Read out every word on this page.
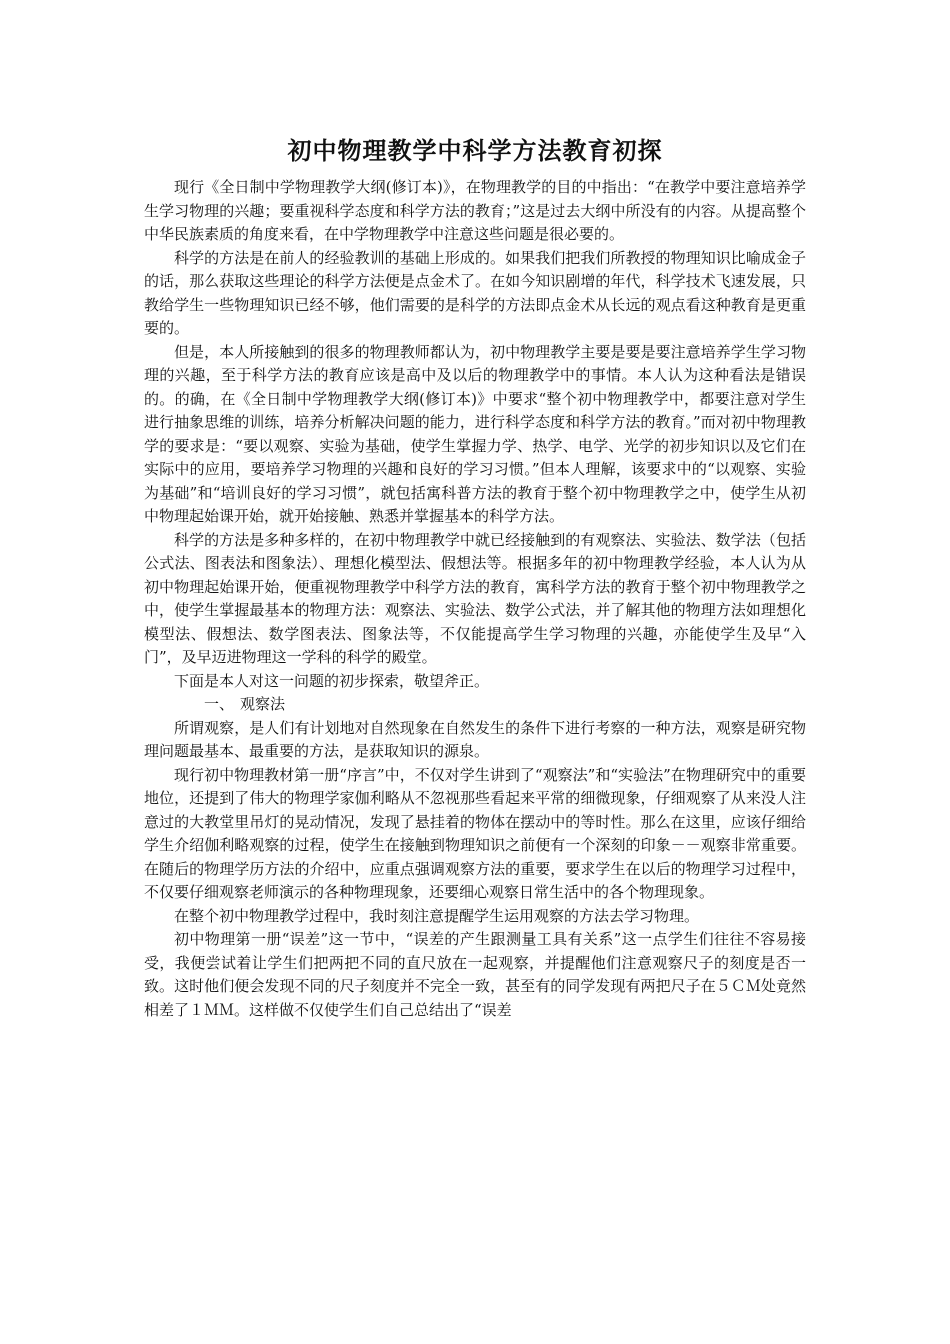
初中物理教学中科学方法教育初探

现行《全日制中学物理教学大纲(修订本)》，在物理教学的目的中指出：“在教学中要注意培养学生学习物理的兴趣；要重视科学态度和科学方法的教育；”这是过去大纲中所没有的内容。从提高整个中华民族素质的角度来看，在中学物理教学中注意这些问题是很必要的。

科学的方法是在前人的经验教训的基础上形成的。如果我们把我们所教授的物理知识比喻成金子的话，那么获取这些理论的科学方法便是点金术了。在如今知识剧增的年代，科学技术飞速发展，只教给学生一些物理知识已经不够，他们需要的是科学的方法即点金术从长远的观点看这种教育是更重要的。

但是，本人所接触到的很多的物理教师都认为，初中物理教学主要是要是要注意培养学生学习物理的兴趣，至于科学方法的教育应该是高中及以后的物理教学中的事情。本人认为这种看法是错误的。的确，在《全日制中学物理教学大纲(修订本)》中要求“整个初中物理教学中，都要注意对学生进行抽象思维的训练，培养分析解决问题的能力，进行科学态度和科学方法的教育。”而对初中物理教学的要求是：“要以观察、实验为基础，使学生掌握力学、热学、电学、光学的初步知识以及它们在实际中的应用，要培养学习物理的兴趣和良好的学习习惯。”但本人理解，该要求中的“以观察、实验为基础”和“培训良好的学习习惯”，就包括寓科普方法的教育于整个初中物理教学之中，使学生从初中物理起始课开始，就开始接触、熟悉并掌握基本的科学方法。

科学的方法是多种多样的，在初中物理教学中就已经接触到的有观察法、实验法、数学法（包括公式法、图表法和图象法）、理想化模型法、假想法等。根据多年的初中物理教学经验，本人认为从初中物理起始课开始，便重视物理教学中科学方法的教育，寓科学方法的教育于整个初中物理教学之中，使学生掌握最基本的物理方法：观察法、实验法、数学公式法，并了解其他的物理方法如理想化模型法、假想法、数学图表法、图象法等，不仅能提高学生学习物理的兴趣，亦能使学生及早“入门”，及早迈进物理这一学科的科学的殿堂。

下面是本人对这一问题的初步探索，敬望斧正。

一、 观察法

所谓观察，是人们有计划地对自然现象在自然发生的条件下进行考察的一种方法，观察是研究物理问题最基本、最重要的方法，是获取知识的源泉。

现行初中物理教材第一册“序言”中，不仅对学生讲到了“观察法”和“实验法”在物理研究中的重要地位，还提到了伟大的物理学家伽利略从不忽视那些看起来平常的细微现象，仔细观察了从来没人注意过的大教堂里吊灯的晃动情况，发现了悬挂着的物体在摆动中的等时性。那么在这里，应该仔细给学生介绍伽利略观察的过程，使学生在接触到物理知识之前便有一个深刻的印象－－观察非常重要。在随后的物理学历方法的介绍中，应重点强调观察方法的重要，要求学生在以后的物理学习过程中，不仅要仔细观察老师演示的各种物理现象，还要细心观察日常生活中的各个物理现象。

在整个初中物理教学过程中，我时刻注意提醒学生运用观察的方法去学习物理。

初中物理第一册“误差”这一节中，“误差的产生跟测量工具有关系”这一点学生们往往不容易接受，我便尝试着让学生们把两把不同的直尺放在一起观察，并提醒他们注意观察尺子的刻度是否一致。这时他们便会发现不同的尺子刻度并不完全一致，甚至有的同学发现有两把尺子在５ＣＭ处竟然相差了１ＭＭ。这样做不仅使学生们自己总结出了“误差
